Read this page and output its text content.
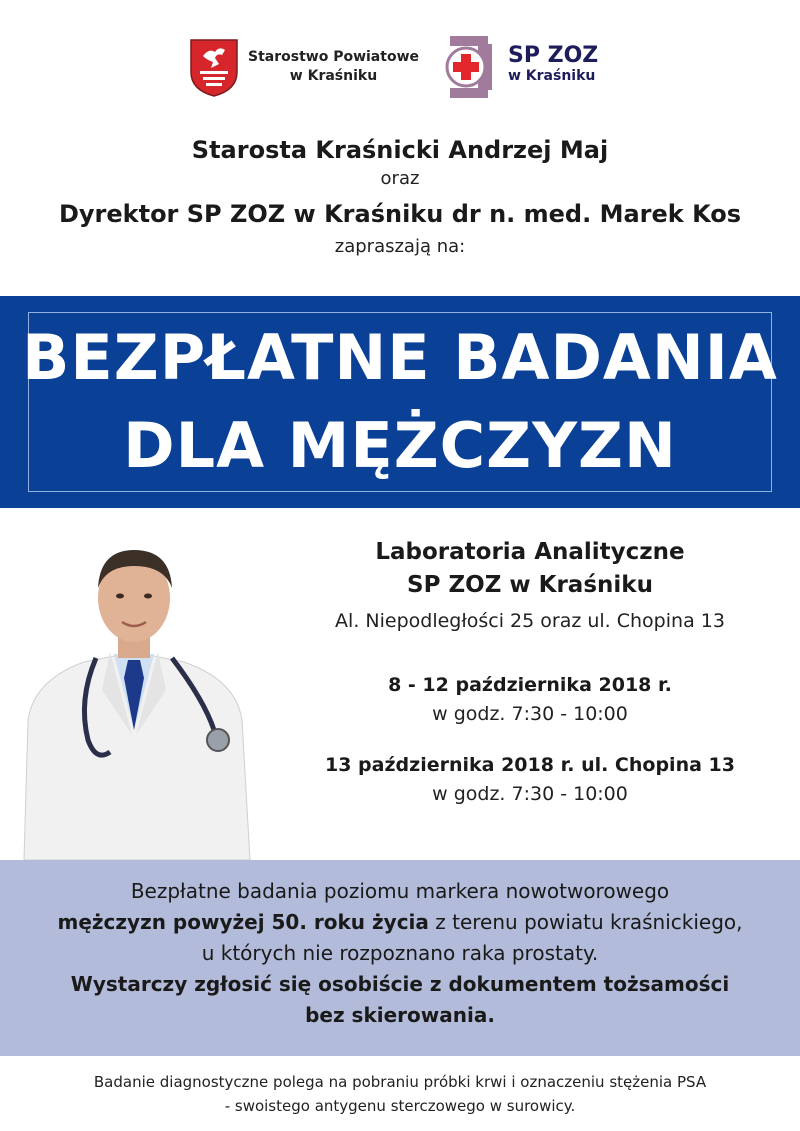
Starostwo Powiatowe
w Kraśniku
SP ZOZ
w Kraśniku
Starosta Kraśnicki Andrzej Maj
oraz
Dyrektor SP ZOZ w Kraśniku dr n. med. Marek Kos
zapraszają na:
BEZPŁATNE BADANIA
DLA MĘŻCZYZN
Laboratoria Analityczne
SP ZOZ w Kraśniku
Al. Niepodległości 25 oraz ul. Chopina 13
8 - 12 października 2018 r.
w godz. 7:30 - 10:00
13 października 2018 r. ul. Chopina 13
w godz. 7:30 - 10:00

Bezpłatne badania poziomu markera nowotworowego

mężczyzn powyżej 50. roku życia z terenu powiatu kraśnickiego,

u których nie rozpoznano raka prostaty.

Wystarczy zgłosić się osobiście z dokumentem tożsamości

bez skierowania.

Badanie diagnostyczne polega na pobraniu próbki krwi i oznaczeniu stężenia PSA
- swoistego antygenu sterczowego w surowicy.
